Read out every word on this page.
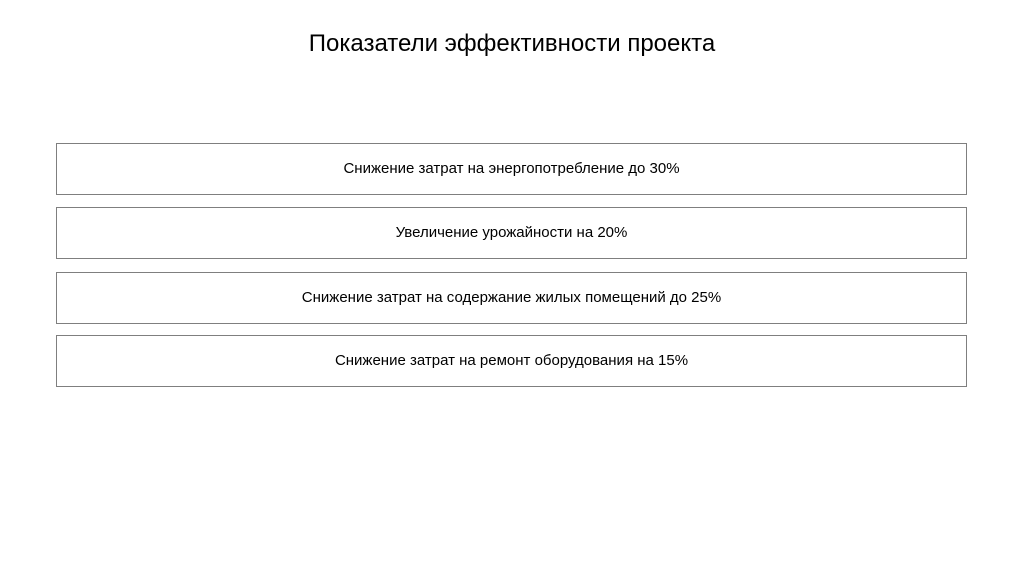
Показатели эффективности проекта
Снижение затрат на энергопотребление до 30%
Увеличение урожайности на 20%
Снижение затрат на содержание жилых помещений до 25%
Снижение затрат на ремонт оборудования на 15%
